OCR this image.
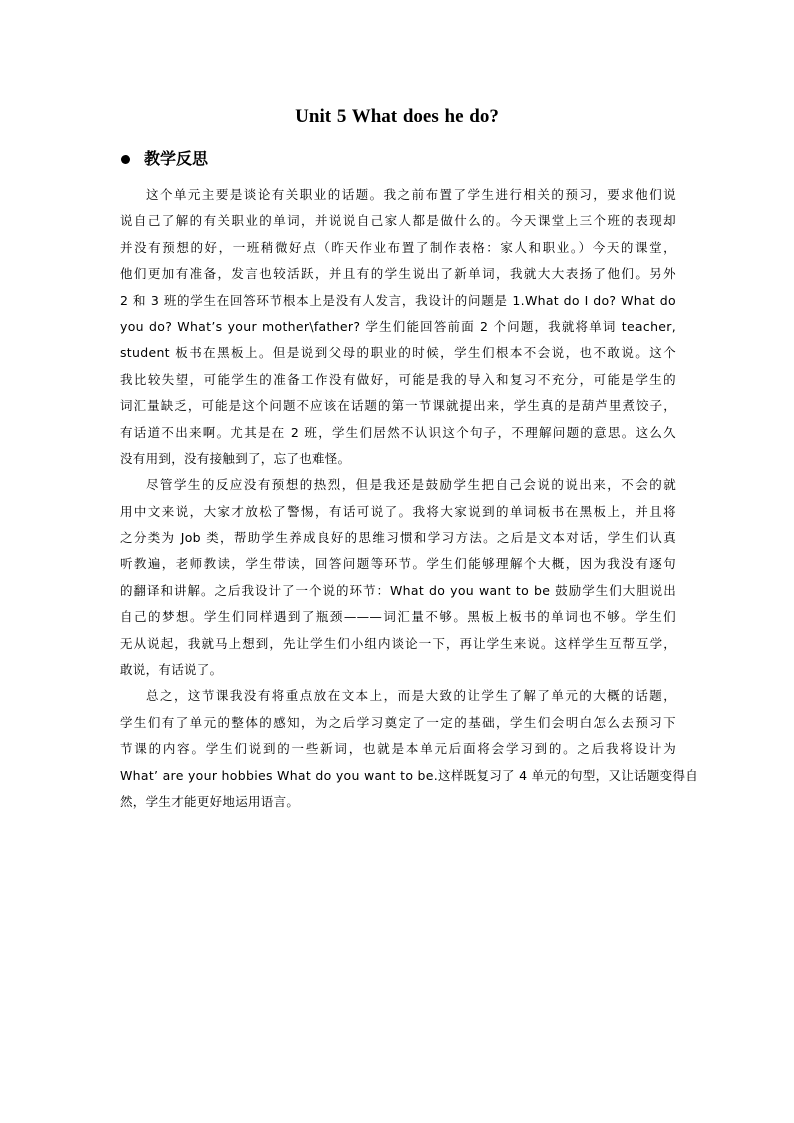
Unit 5 What does he do?
教学反思
这个单元主要是谈论有关职业的话题。我之前布置了学生进行相关的预习，要求他们说
说自己了解的有关职业的单词，并说说自己家人都是做什么的。今天课堂上三个班的表现却
并没有预想的好，一班稍微好点（昨天作业布置了制作表格：家人和职业。）今天的课堂，
他们更加有准备，发言也较活跃，并且有的学生说出了新单词，我就大大表扬了他们。另外
2 和 3 班的学生在回答环节根本上是没有人发言，我设计的问题是 1.What do I do? What do
you do? What’s your mother\father? 学生们能回答前面 2 个问题，我就将单词 teacher,
student 板书在黑板上。但是说到父母的职业的时候，学生们根本不会说，也不敢说。这个
我比较失望，可能学生的准备工作没有做好，可能是我的导入和复习不充分，可能是学生的
词汇量缺乏，可能是这个问题不应该在话题的第一节课就提出来，学生真的是葫芦里煮饺子，
有话道不出来啊。尤其是在 2 班，学生们居然不认识这个句子，不理解问题的意思。这么久
没有用到，没有接触到了，忘了也难怪。
尽管学生的反应没有预想的热烈，但是我还是鼓励学生把自己会说的说出来，不会的就
用中文来说，大家才放松了警惕，有话可说了。我将大家说到的单词板书在黑板上，并且将
之分类为 Job 类，帮助学生养成良好的思维习惯和学习方法。之后是文本对话，学生们认真
听教遍，老师教读，学生带读，回答问题等环节。学生们能够理解个大概，因为我没有逐句
的翻译和讲解。之后我设计了一个说的环节：What do you want to be 鼓励学生们大胆说出
自己的梦想。学生们同样遇到了瓶颈———词汇量不够。黑板上板书的单词也不够。学生们
无从说起，我就马上想到，先让学生们小组内谈论一下，再让学生来说。这样学生互帮互学，
敢说，有话说了。
总之，这节课我没有将重点放在文本上，而是大致的让学生了解了单元的大概的话题，
学生们有了单元的整体的感知，为之后学习奠定了一定的基础，学生们会明白怎么去预习下
节课的内容。学生们说到的一些新词，也就是本单元后面将会学习到的。之后我将设计为
What’ are your hobbies What do you want to be.这样既复习了 4 单元的句型，又让话题变得自
然，学生才能更好地运用语言。
